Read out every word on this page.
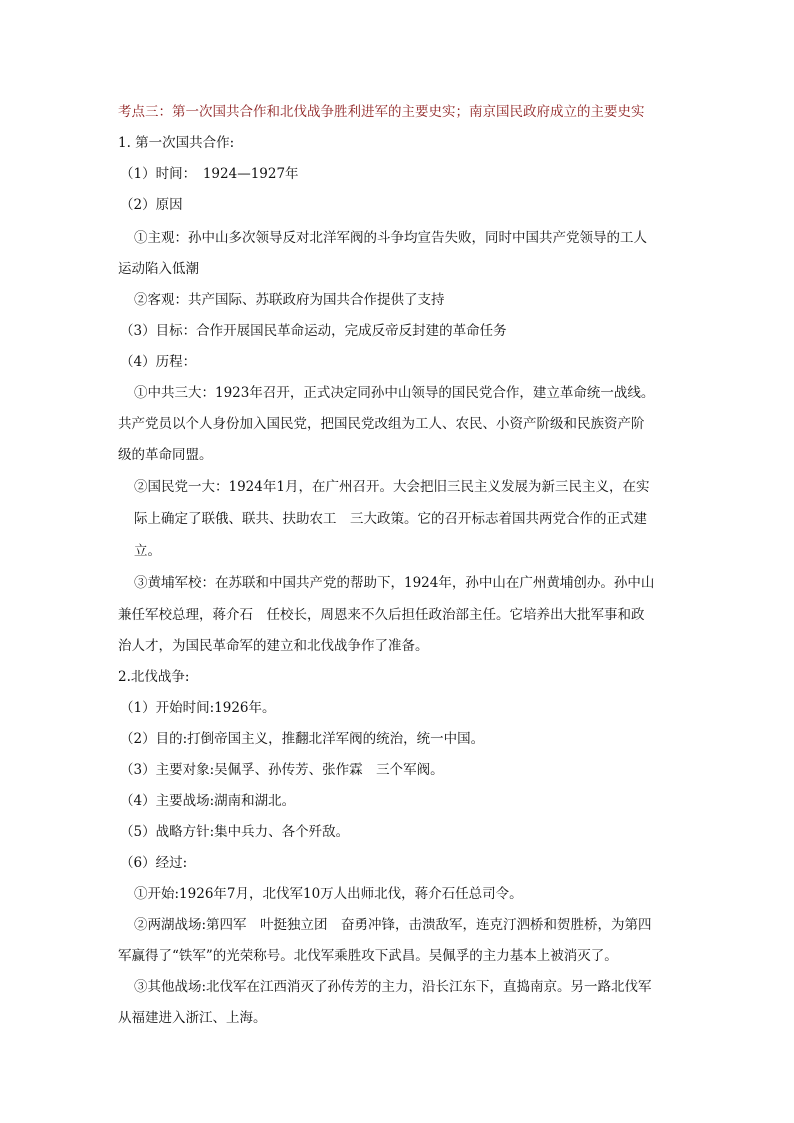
考点三：第一次国共合作和北伐战争胜利进军的主要史实；南京国民政府成立的主要史实
1. 第一次国共合作:
（1）时间：　1924—1927年
（2）原因
①主观：孙中山多次领导反对北洋军阀的斗争均宣告失败，同时中国共产党领导的工人
运动陷入低潮
②客观：共产国际、苏联政府为国共合作提供了支持
（3）目标：合作开展国民革命运动，完成反帝反封建的革命任务
（4）历程：
①中共三大：1923年召开，正式决定同孙中山领导的国民党合作，建立革命统一战线。
共产党员以个人身份加入国民党，把国民党改组为工人、农民、小资产阶级和民族资产阶
级的革命同盟。
②国民党一大：1924年1月，在广州召开。大会把旧三民主义发展为新三民主义，在实
际上确定了联俄、联共、扶助农工　三大政策。它的召开标志着国共两党合作的正式建
立。
③黄埔军校：在苏联和中国共产党的帮助下，1924年，孙中山在广州黄埔创办。孙中山
兼任军校总理，蒋介石　任校长，周恩来不久后担任政治部主任。它培养出大批军事和政
治人才，为国民革命军的建立和北伐战争作了准备。
2.北伐战争:
（1）开始时间:1926年。
（2）目的:打倒帝国主义，推翻北洋军阀的统治，统一中国。
（3）主要对象:吴佩孚、孙传芳、张作霖　三个军阀。
（4）主要战场:湖南和湖北。
（5）战略方针:集中兵力、各个歼敌。
（6）经过:
①开始:1926年7月，北伐军10万人出师北伐，蒋介石任总司令。
②两湖战场:第四军　叶挺独立团　奋勇冲锋，击溃敌军，连克汀泗桥和贺胜桥，为第四
军赢得了“铁军”的光荣称号。北伐军乘胜攻下武昌。吴佩孚的主力基本上被消灭了。
③其他战场:北伐军在江西消灭了孙传芳的主力，沿长江东下，直捣南京。另一路北伐军
从福建进入浙江、上海。
